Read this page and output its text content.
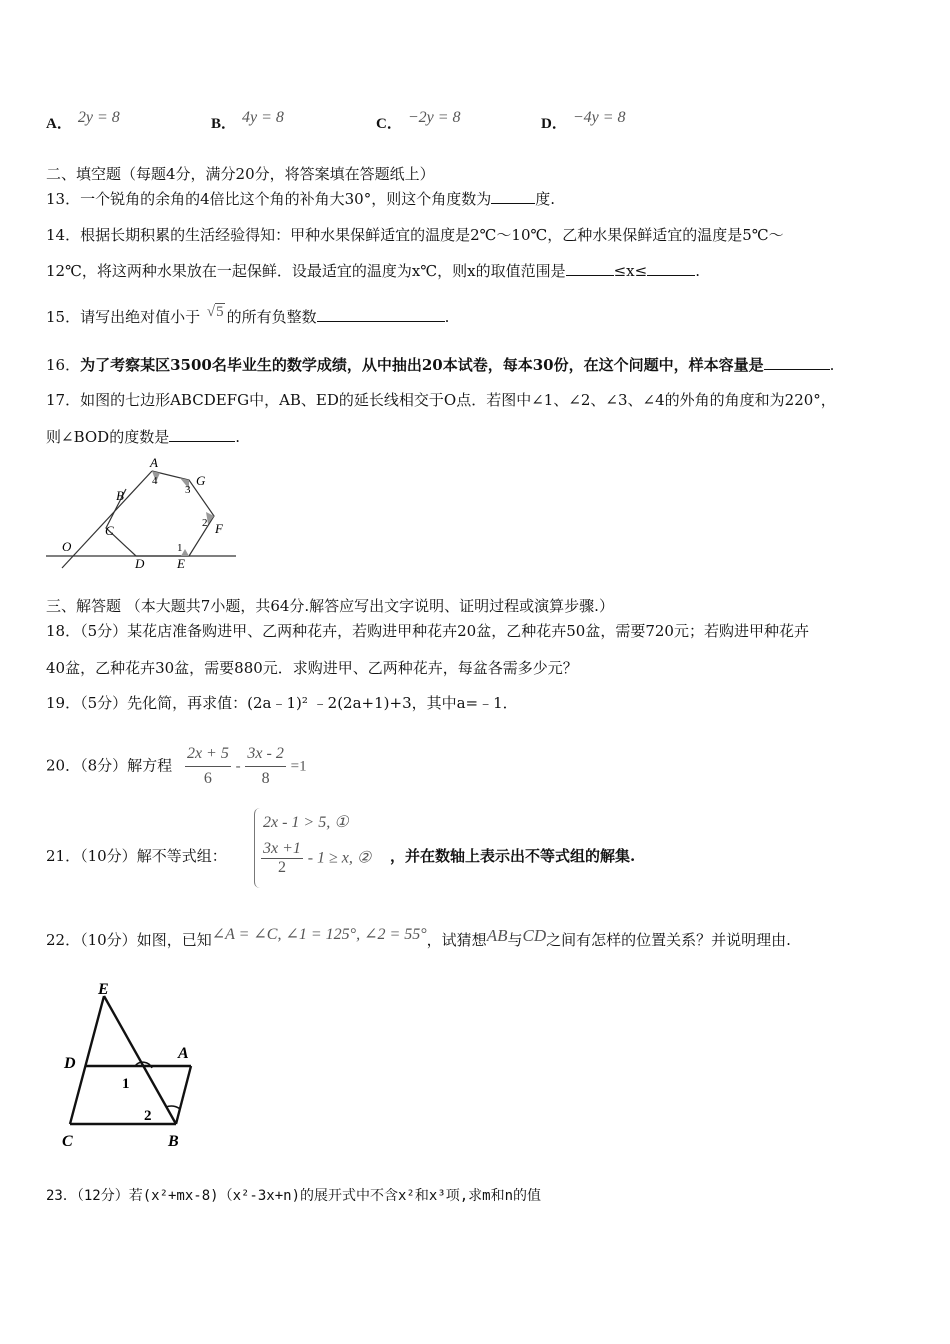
A． 2y = 8	B． 4y = 8	C． −2y = 8	D． −4y = 8
二、填空题（每题4分，满分20分，将答案填在答题纸上）
13．一个锐角的余角的4倍比这个角的补角大30°，则这个角度数为	度.
14．根据长期积累的生活经验得知：甲种水果保鲜适宜的温度是2℃～10℃，乙种水果保鲜适宜的温度是5℃～
12℃，将这两种水果放在一起保鲜．设最适宜的温度为x℃，则x的取值范围是	≤x≤	.
15．请写出绝对值小于 √5 的所有负整数	.
16．为了考察某区3500名毕业生的数学成绩，从中抽出20本试卷，每本30份，在这个问题中，样本容量是	.
17．如图的七边形ABCDEFG中，AB、ED的延长线相交于O点．若图中∠1、∠2、∠3、∠4的外角的角度和为220°，
则∠BOD的度数是	.
A
4	G
3
B
C	2 F
O	1
D	E
三、解答题 （本大题共7小题，共64分.解答应写出文字说明、证明过程或演算步骤.）
18．（5分）某花店准备购进甲、乙两种花卉，若购进甲种花卉20盆，乙种花卉50盆，需要720元；若购进甲种花卉
40盆，乙种花卉30盆，需要880元．求购进甲、乙两种花卉，每盆各需多少元？
19．（5分）先化简，再求值：(2a﹣1)² ﹣2(2a+1)+3，其中a=﹣1．
20．（8分）解方程 $\frac{2x + 5}{6} - \frac{3x - 2}{8} =1$
21．（10分）解不等式组：
2x - 1 > 5, ①
$\frac{3x +1}{2} - 1 \ge x$, ② ，并在数轴上表示出不等式组的解集.
22．（10分）如图，已知∠A = ∠C, ∠1 = 125°, ∠2 = 55°，试猜想AB与CD之间有怎样的位置关系？并说明理由.
E
D
A
1
2
C	B
23．（12分）若(x²+mx-8)（x²-3x+n)的展开式中不含x²和x³项,求m和n的值
